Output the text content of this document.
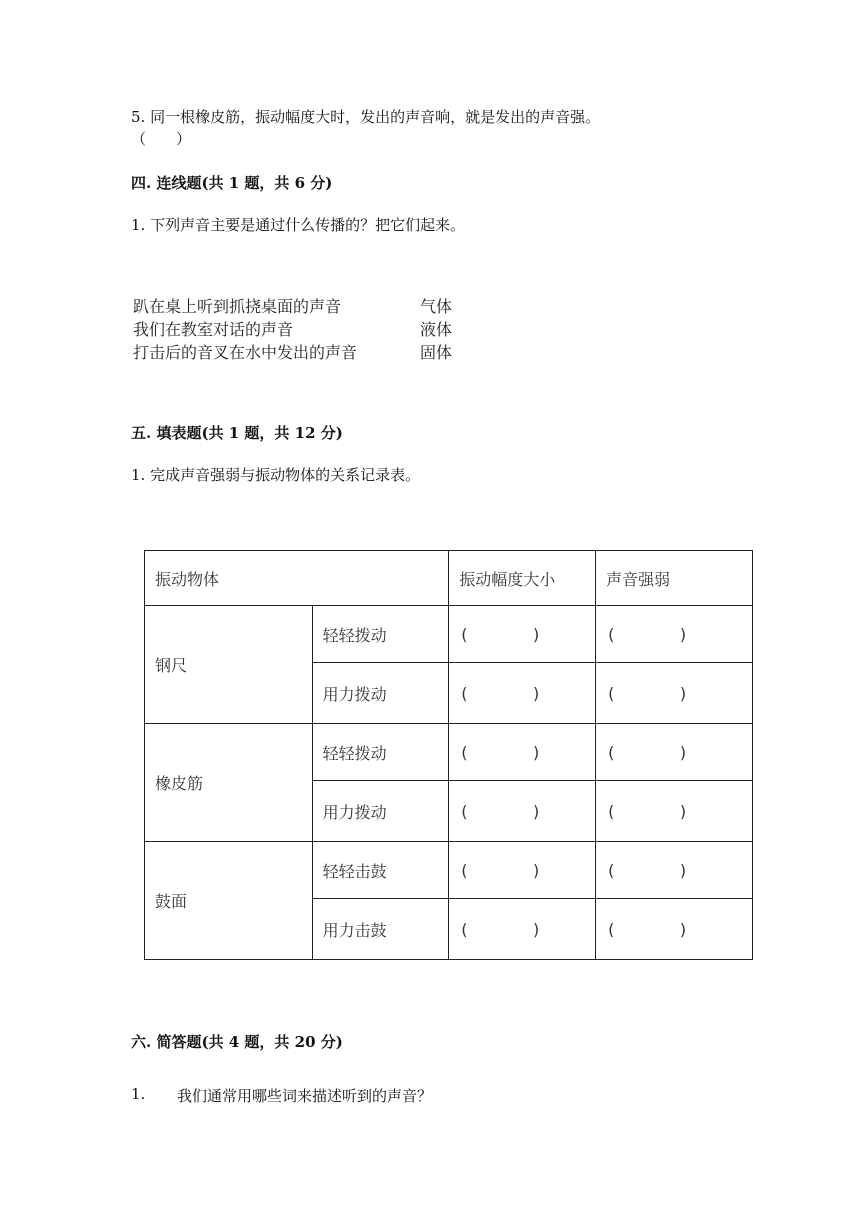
5. 同一根橡皮筋，振动幅度大时，发出的声音响，就是发出的声音强。
（　　）
四. 连线题(共 1 题，共 6 分)
1. 下列声音主要是通过什么传播的？把它们起来。
趴在桌上听到抓挠桌面的声音
我们在教室对话的声音
打击后的音叉在水中发出的声音
气体
液体
固体
五. 填表题(共 1 题，共 12 分)
1. 完成声音强弱与振动物体的关系记录表。
振动物体		振动幅度大小	声音强弱
钢尺	轻轻拨动	( )	( )

	用力拨动	( )	( )

橡皮筋	轻轻拨动	( )	( )

	用力拨动	( )	( )

鼓面	轻轻击鼓	( )	( )

	用力击鼓	( )	( )
六. 简答题(共 4 题，共 20 分)
1. 我们通常用哪些词来描述听到的声音？
